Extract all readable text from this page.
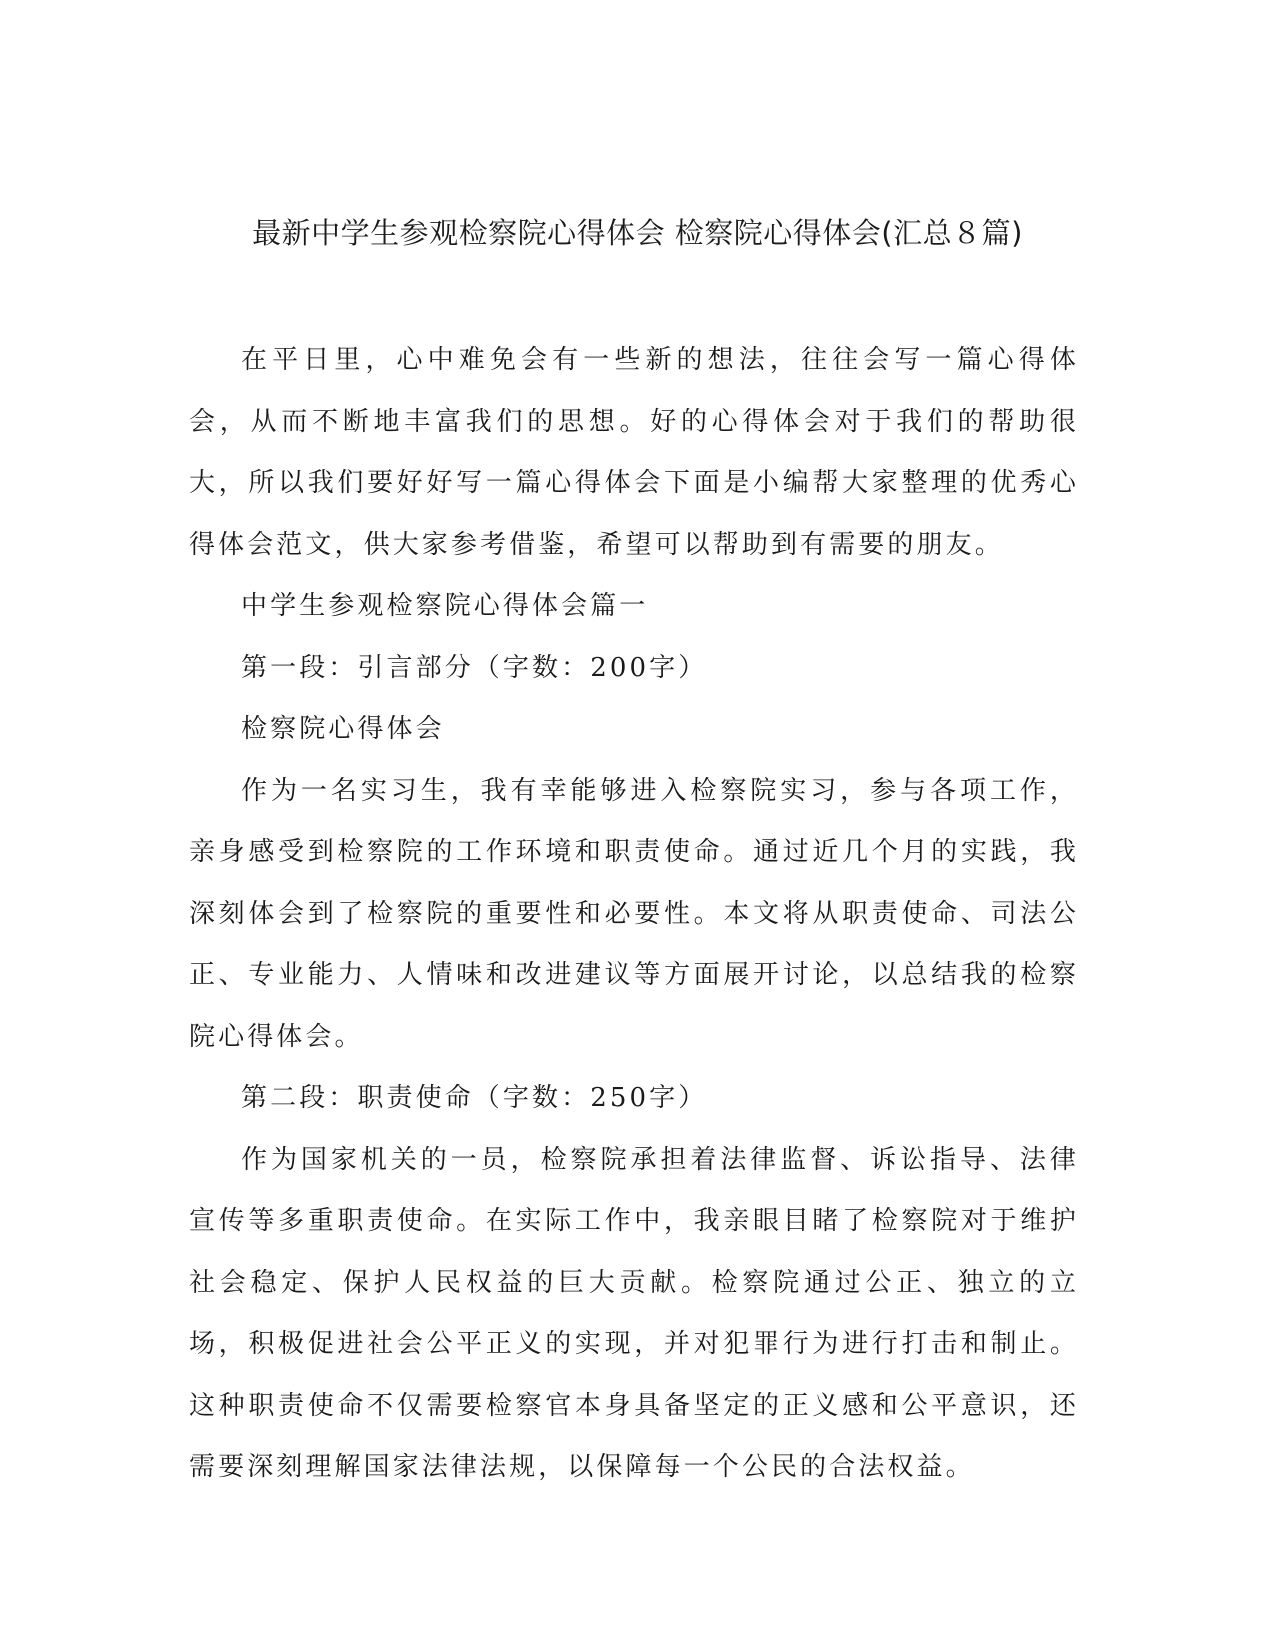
最新中学生参观检察院心得体会 检察院心得体会(汇总８篇)

在平日里，心中难免会有一些新的想法，往往会写一篇心得体会，从而不断地丰富我们的思想。好的心得体会对于我们的帮助很大，所以我们要好好写一篇心得体会下面是小编帮大家整理的优秀心得体会范文，供大家参考借鉴，希望可以帮助到有需要的朋友。

中学生参观检察院心得体会篇一

第一段：引言部分（字数：200字）

检察院心得体会

作为一名实习生，我有幸能够进入检察院实习，参与各项工作，亲身感受到检察院的工作环境和职责使命。通过近几个月的实践，我深刻体会到了检察院的重要性和必要性。本文将从职责使命、司法公正、专业能力、人情味和改进建议等方面展开讨论，以总结我的检察院心得体会。

第二段：职责使命（字数：250字）

作为国家机关的一员，检察院承担着法律监督、诉讼指导、法律宣传等多重职责使命。在实际工作中，我亲眼目睹了检察院对于维护社会稳定、保护人民权益的巨大贡献。检察院通过公正、独立的立场，积极促进社会公平正义的实现，并对犯罪行为进行打击和制止。这种职责使命不仅需要检察官本身具备坚定的正义感和公平意识，还需要深刻理解国家法律法规，以保障每一个公民的合法权益。
